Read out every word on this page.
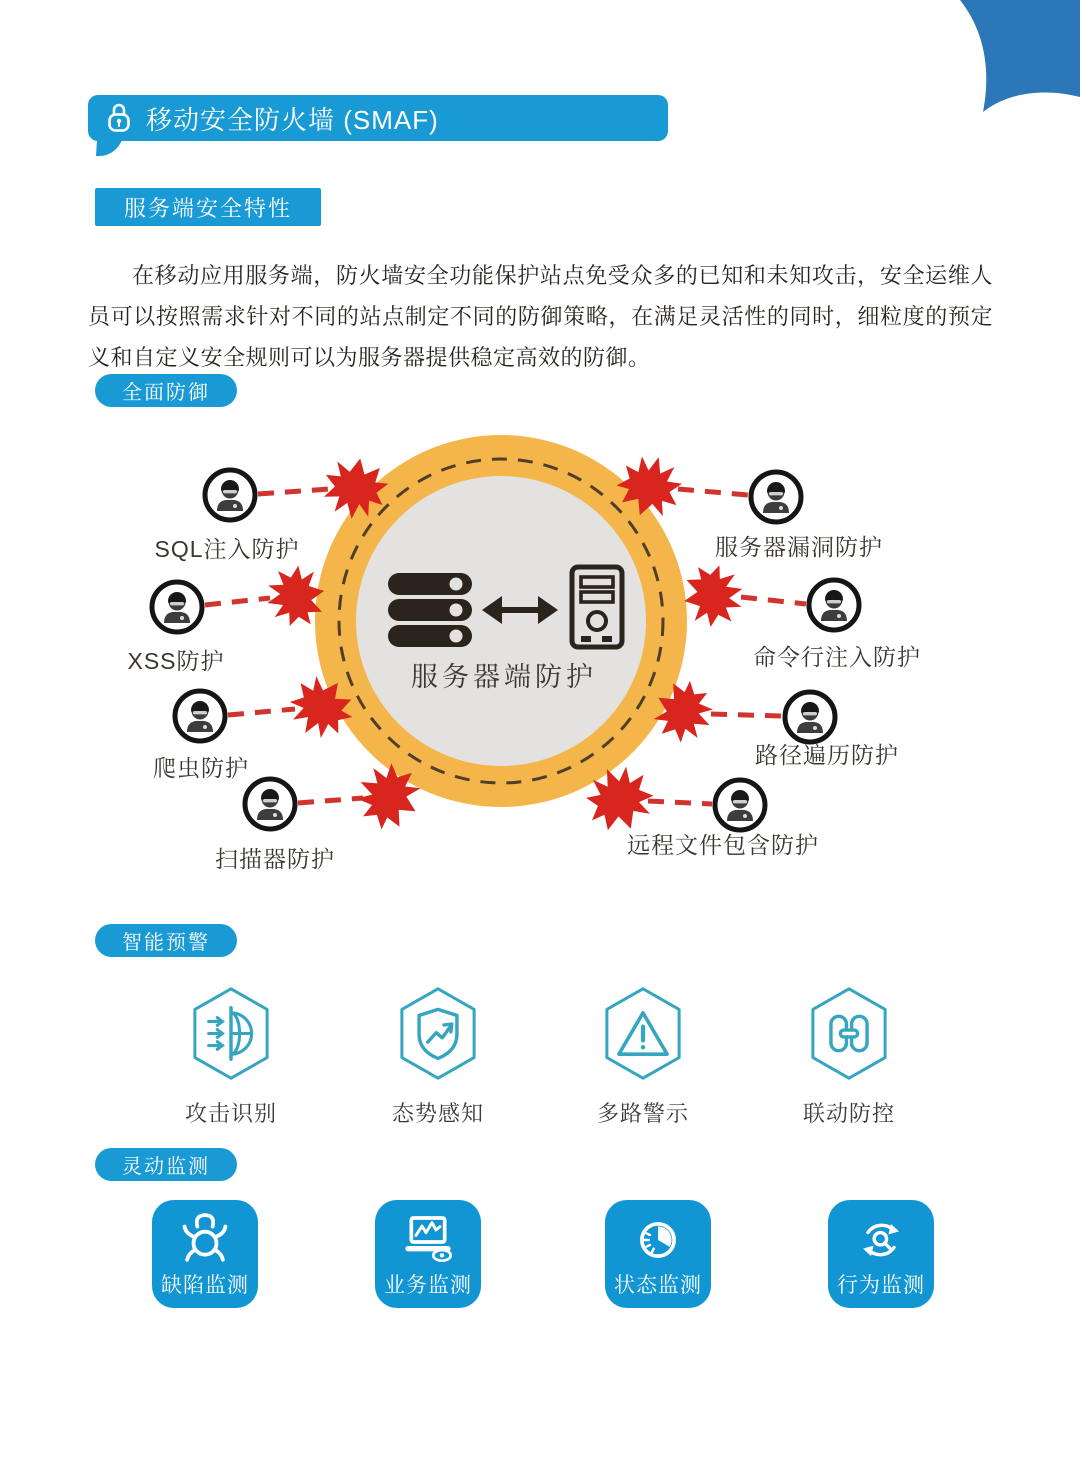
移动安全防火墙 (SMAF)
服务端安全特性

在移动应用服务端，防火墙安全功能保护站点免受众多的已知和未知攻击，安全运维人员可以按照需求针对不同的站点制定不同的防御策略，在满足灵活性的同时，细粒度的预定义和自定义安全规则可以为服务器提供稳定高效的防御。

全面防御
智能预警
灵动监测
SQL注入防护
XSS防护
爬虫防护
扫描器防护
服务器漏洞防护
命令行注入防护
路径遍历防护
远程文件包含防护
服务器端防护
攻击识别	态势感知	多路警示	联动防控
缺陷监测	业务监测	状态监测	行为监测
